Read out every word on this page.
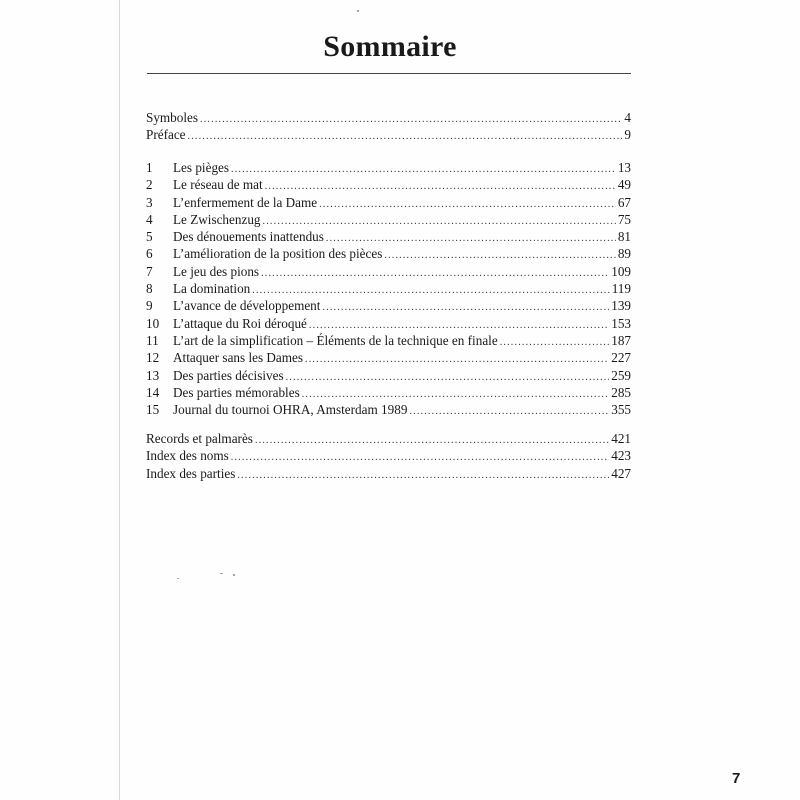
Sommaire
Symboles .....	4
Préface .....	9
1	Les pièges .....	13
2	Le réseau de mat .....	49
3	L’enfermement de la Dame .....	67
4	Le Zwischenzug .....	75
5	Des dénouements inattendus .....	81
6	L’amélioration de la position des pièces .....	89
7	Le jeu des pions .....	109
8	La domination .....	119
9	L’avance de développement .....	139
10	L’attaque du Roi déroqué .....	153
11	L’art de la simplification – Éléments de la technique en finale .....	187
12	Attaquer sans les Dames .....	227
13	Des parties décisives .....	259
14	Des parties mémorables .....	285
15	Journal du tournoi OHRA, Amsterdam 1989 .....	355
Records et palmarès .....	421
Index des noms .....	423
Index des parties .....	427
7
